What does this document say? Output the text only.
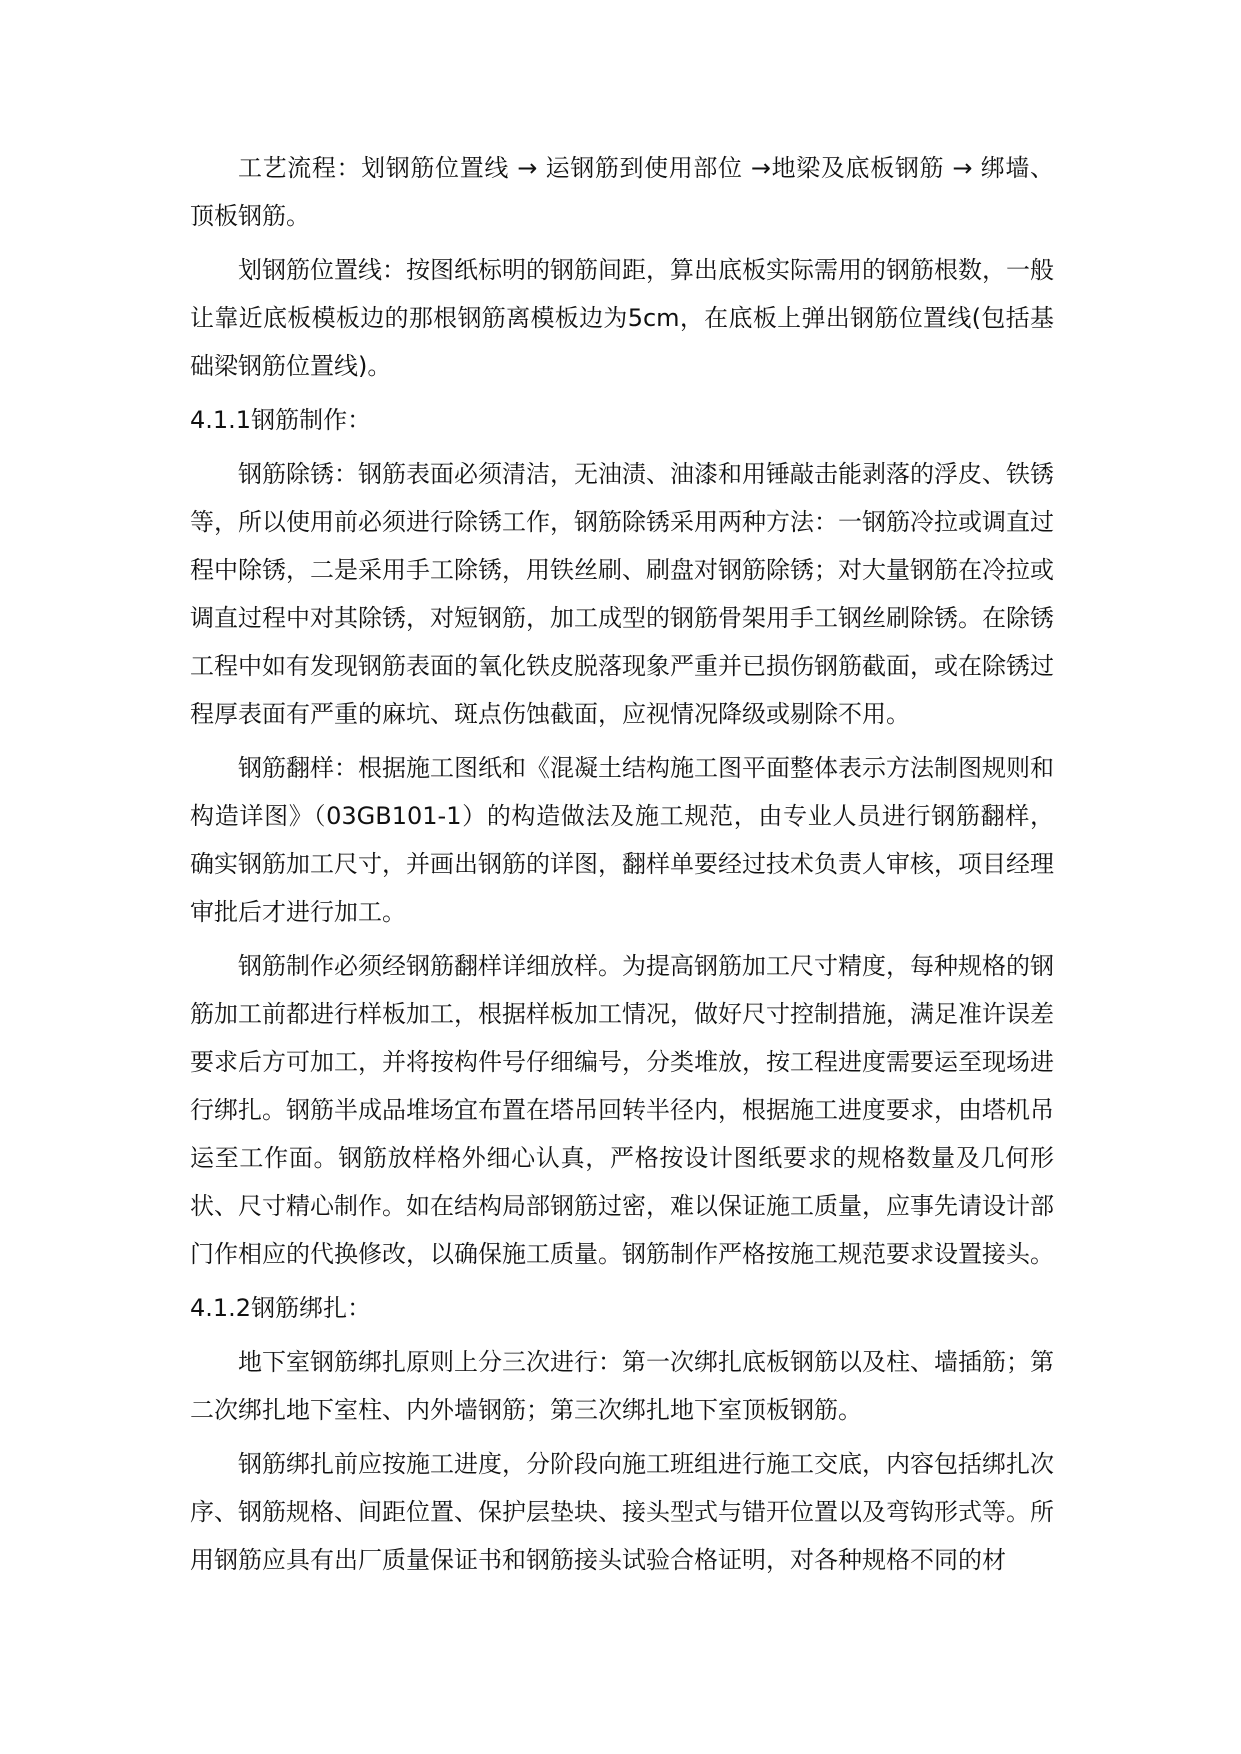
工艺流程：划钢筋位置线 → 运钢筋到使用部位 →地梁及底板钢筋 → 绑墙、顶板钢筋。

划钢筋位置线：按图纸标明的钢筋间距，算出底板实际需用的钢筋根数，一般让靠近底板模板边的那根钢筋离模板边为5cm，在底板上弹出钢筋位置线(包括基础梁钢筋位置线)。

4.1.1钢筋制作：

钢筋除锈：钢筋表面必须清洁，无油渍、油漆和用锤敲击能剥落的浮皮、铁锈等，所以使用前必须进行除锈工作，钢筋除锈采用两种方法：一钢筋冷拉或调直过程中除锈，二是采用手工除锈，用铁丝刷、刷盘对钢筋除锈；对大量钢筋在冷拉或调直过程中对其除锈，对短钢筋，加工成型的钢筋骨架用手工钢丝刷除锈。在除锈工程中如有发现钢筋表面的氧化铁皮脱落现象严重并已损伤钢筋截面，或在除锈过程厚表面有严重的麻坑、斑点伤蚀截面，应视情况降级或剔除不用。

钢筋翻样：根据施工图纸和《混凝土结构施工图平面整体表示方法制图规则和构造详图》（03GB101-1）的构造做法及施工规范，由专业人员进行钢筋翻样，确实钢筋加工尺寸，并画出钢筋的详图，翻样单要经过技术负责人审核，项目经理审批后才进行加工。

钢筋制作必须经钢筋翻样详细放样。为提高钢筋加工尺寸精度，每种规格的钢筋加工前都进行样板加工，根据样板加工情况，做好尺寸控制措施，满足准许误差要求后方可加工，并将按构件号仔细编号，分类堆放，按工程进度需要运至现场进行绑扎。钢筋半成品堆场宜布置在塔吊回转半径内，根据施工进度要求，由塔机吊运至工作面。钢筋放样格外细心认真，严格按设计图纸要求的规格数量及几何形状、尺寸精心制作。如在结构局部钢筋过密，难以保证施工质量，应事先请设计部门作相应的代换修改，以确保施工质量。钢筋制作严格按施工规范要求设置接头。

4.1.2钢筋绑扎：

地下室钢筋绑扎原则上分三次进行：第一次绑扎底板钢筋以及柱、墙插筋；第二次绑扎地下室柱、内外墙钢筋；第三次绑扎地下室顶板钢筋。

钢筋绑扎前应按施工进度，分阶段向施工班组进行施工交底，内容包括绑扎次序、钢筋规格、间距位置、保护层垫块、接头型式与错开位置以及弯钩形式等。所用钢筋应具有出厂质量保证书和钢筋接头试验合格证明，对各种规格不同的材
